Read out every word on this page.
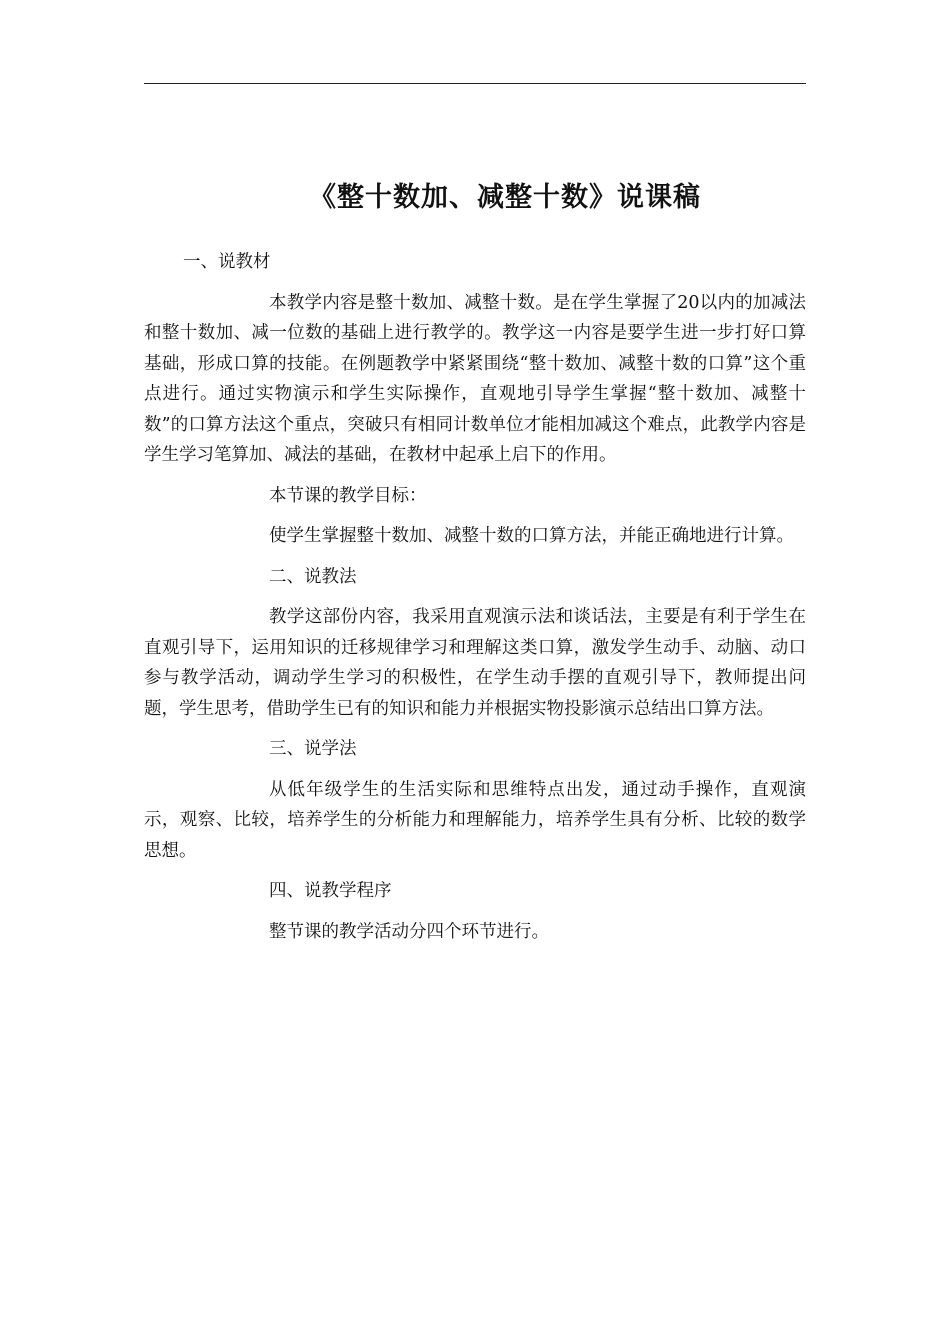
《整十数加、减整十数》说课稿

一、说教材

本教学内容是整十数加、减整十数。是在学生掌握了20以内的加减法和整十数加、减一位数的基础上进行教学的。教学这一内容是要学生进一步打好口算基础，形成口算的技能。在例题教学中紧紧围绕“整十数加、减整十数的口算”这个重点进行。通过实物演示和学生实际操作，直观地引导学生掌握“整十数加、减整十数”的口算方法这个重点，突破只有相同计数单位才能相加减这个难点，此教学内容是学生学习笔算加、减法的基础，在教材中起承上启下的作用。

本节课的教学目标：

使学生掌握整十数加、减整十数的口算方法，并能正确地进行计算。

二、说教法

教学这部份内容，我采用直观演示法和谈话法，主要是有利于学生在直观引导下，运用知识的迁移规律学习和理解这类口算，激发学生动手、动脑、动口参与教学活动，调动学生学习的积极性，在学生动手摆的直观引导下，教师提出问题，学生思考，借助学生已有的知识和能力并根据实物投影演示总结出口算方法。

三、说学法

从低年级学生的生活实际和思维特点出发，通过动手操作，直观演示，观察、比较，培养学生的分析能力和理解能力，培养学生具有分析、比较的数学思想。

四、说教学程序

整节课的教学活动分四个环节进行。
